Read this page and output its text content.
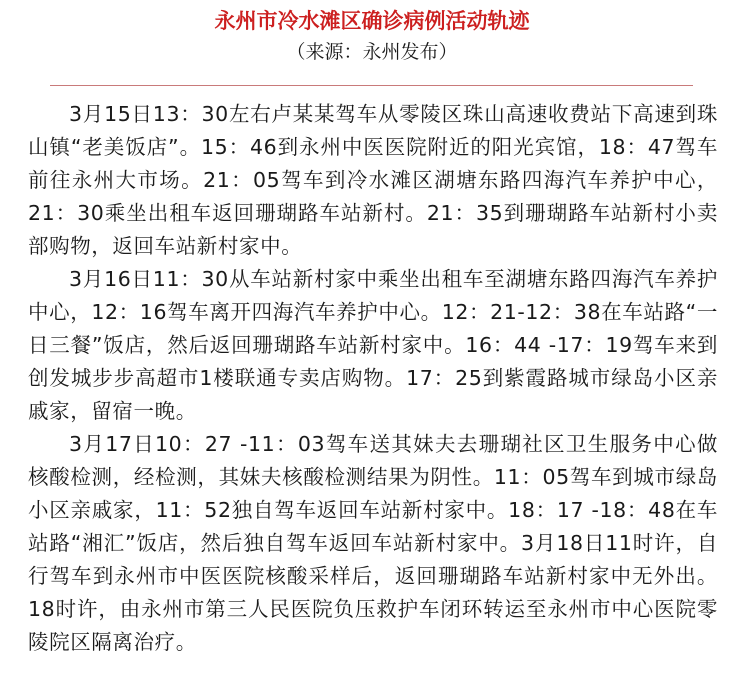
永州市冷水滩区确诊病例活动轨迹
（来源：永州发布）

3月15日13：30左右卢某某驾车从零陵区珠山高速收费站下高速到珠山镇“老美饭店”。15：46到永州中医医院附近的阳光宾馆，18：47驾车前往永州大市场。21：05驾车到冷水滩区湖塘东路四海汽车养护中心，21：30乘坐出租车返回珊瑚路车站新村。21：35到珊瑚路车站新村小卖部购物，返回车站新村家中。

3月16日11：30从车站新村家中乘坐出租车至湖塘东路四海汽车养护中心，12：16驾车离开四海汽车养护中心。12：21-12：38在车站路“一日三餐”饭店，然后返回珊瑚路车站新村家中。16：44 -17：19驾车来到创发城步步高超市1楼联通专卖店购物。17：25到紫霞路城市绿岛小区亲戚家，留宿一晚。

3月17日10：27 -11：03驾车送其妹夫去珊瑚社区卫生服务中心做核酸检测，经检测，其妹夫核酸检测结果为阴性。11：05驾车到城市绿岛小区亲戚家，11：52独自驾车返回车站新村家中。18：17 -18：48在车站路“湘汇”饭店，然后独自驾车返回车站新村家中。3月18日11时许，自行驾车到永州市中医医院核酸采样后，返回珊瑚路车站新村家中无外出。18时许，由永州市第三人民医院负压救护车闭环转运至永州市中心医院零陵院区隔离治疗。
